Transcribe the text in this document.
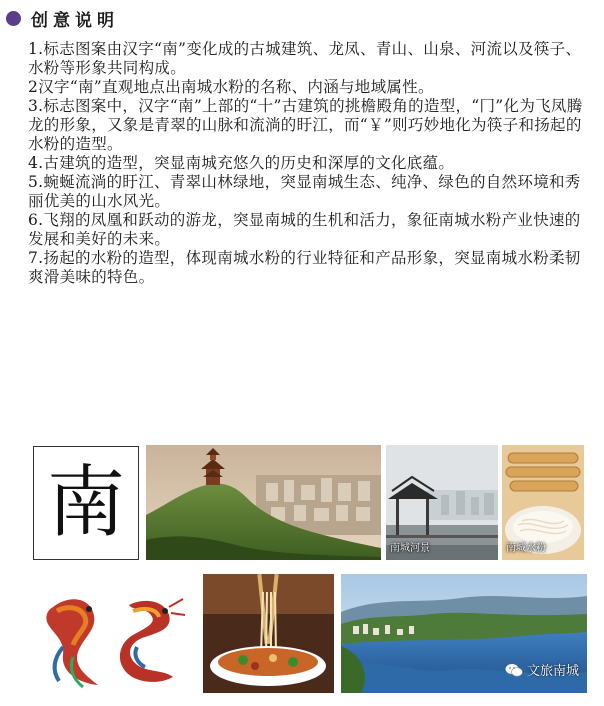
创意说明

1.标志图案由汉字“南”变化成的古城建筑、龙凤、青山、山泉、河流以及筷子、水粉等形象共同构成。

2汉字“南”直观地点出南城水粉的名称、内涵与地域属性。

3.标志图案中，汉字“南”上部的“十”古建筑的挑檐殿角的造型，“冂”化为飞凤腾龙的形象，又象是青翠的山脉和流淌的盱江，而“￥”则巧妙地化为筷子和扬起的水粉的造型。

4.古建筑的造型，突显南城充悠久的历史和深厚的文化底蕴。

5.蜿蜒流淌的盱江、青翠山林绿地，突显南城生态、纯净、绿色的自然环境和秀丽优美的山水风光。

6.飞翔的凤凰和跃动的游龙，突显南城的生机和活力，象征南城水粉产业快速的发展和美好的未来。

7.扬起的水粉的造型，体现南城水粉的行业特征和产品形象，突显南城水粉柔韧爽滑美味的特色。

南
南城河景	南城水粉
文旅南城
